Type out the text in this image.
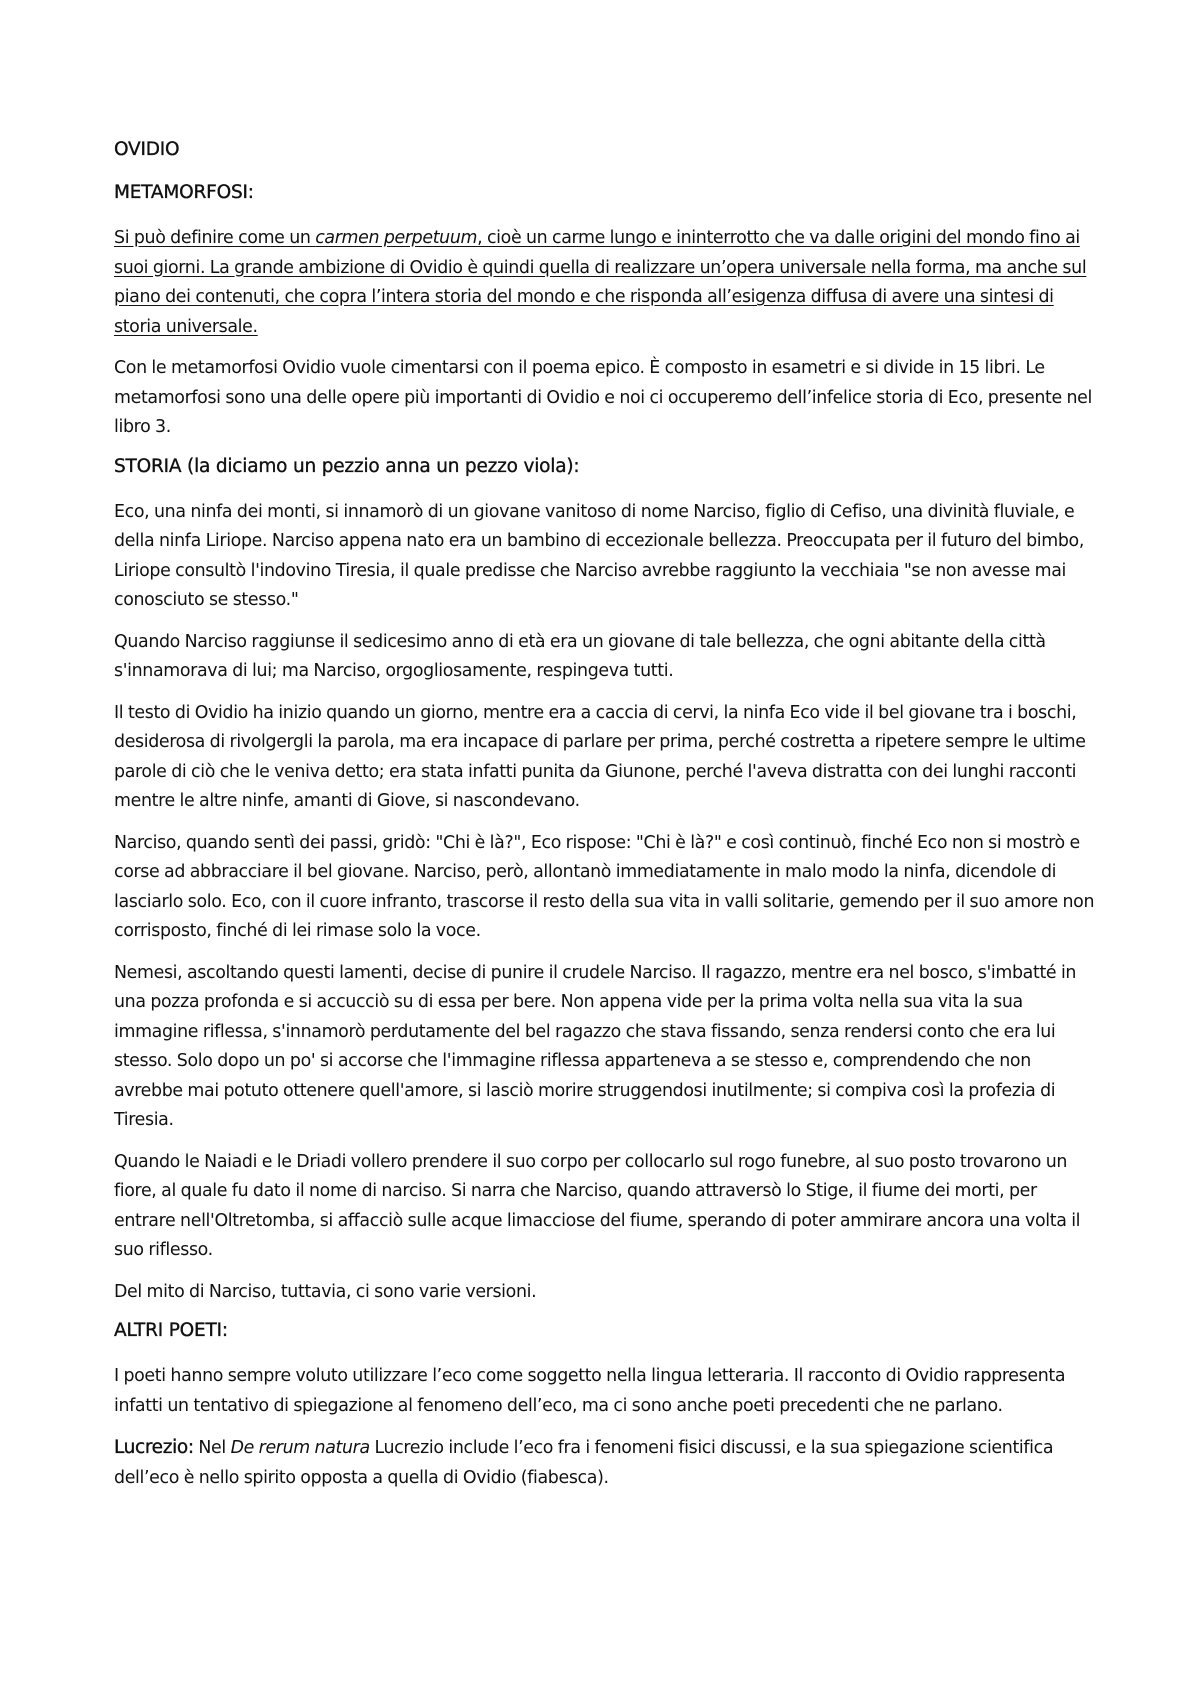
OVIDIO
METAMORFOSI:

Si può definire come un carmen perpetuum, cioè un carme lungo e ininterrotto che va dalle origini del mondo fino ai suoi giorni. La grande ambizione di Ovidio è quindi quella di realizzare un’opera universale nella forma, ma anche sul piano dei contenuti, che copra l’intera storia del mondo e che risponda all’esigenza diffusa di avere una sintesi di storia universale.

Con le metamorfosi Ovidio vuole cimentarsi con il poema epico. È composto in esametri e si divide in 15 libri. Le metamorfosi sono una delle opere più importanti di Ovidio e noi ci occuperemo dell’infelice storia di Eco, presente nel libro 3.

STORIA (la diciamo un pezzio anna un pezzo viola):

Eco, una ninfa dei monti, si innamorò di un giovane vanitoso di nome Narciso, figlio di Cefiso, una divinità fluviale, e della ninfa Liriope. Narciso appena nato era un bambino di eccezionale bellezza. Preoccupata per il futuro del bimbo, Liriope consultò l'indovino Tiresia, il quale predisse che Narciso avrebbe raggiunto la vecchiaia "se non avesse mai conosciuto se stesso."

Quando Narciso raggiunse il sedicesimo anno di età era un giovane di tale bellezza, che ogni abitante della città s'innamorava di lui; ma Narciso, orgogliosamente, respingeva tutti.

Il testo di Ovidio ha inizio quando un giorno, mentre era a caccia di cervi, la ninfa Eco vide il bel giovane tra i boschi, desiderosa di rivolgergli la parola, ma era incapace di parlare per prima, perché costretta a ripetere sempre le ultime parole di ciò che le veniva detto; era stata infatti punita da Giunone, perché l'aveva distratta con dei lunghi racconti mentre le altre ninfe, amanti di Giove, si nascondevano.

Narciso, quando sentì dei passi, gridò: "Chi è là?", Eco rispose: "Chi è là?" e così continuò, finché Eco non si mostrò e corse ad abbracciare il bel giovane. Narciso, però, allontanò immediatamente in malo modo la ninfa, dicendole di lasciarlo solo. Eco, con il cuore infranto, trascorse il resto della sua vita in valli solitarie, gemendo per il suo amore non corrisposto, finché di lei rimase solo la voce.

Nemesi, ascoltando questi lamenti, decise di punire il crudele Narciso. Il ragazzo, mentre era nel bosco, s'imbatté in una pozza profonda e si accucciò su di essa per bere. Non appena vide per la prima volta nella sua vita la sua immagine riflessa, s'innamorò perdutamente del bel ragazzo che stava fissando, senza rendersi conto che era lui stesso. Solo dopo un po' si accorse che l'immagine riflessa apparteneva a se stesso e, comprendendo che non avrebbe mai potuto ottenere quell'amore, si lasciò morire struggendosi inutilmente; si compiva così la profezia di Tiresia.

Quando le Naiadi e le Driadi vollero prendere il suo corpo per collocarlo sul rogo funebre, al suo posto trovarono un fiore, al quale fu dato il nome di narciso. Si narra che Narciso, quando attraversò lo Stige, il fiume dei morti, per entrare nell'Oltretomba, si affacciò sulle acque limacciose del fiume, sperando di poter ammirare ancora una volta il suo riflesso.

Del mito di Narciso, tuttavia, ci sono varie versioni.

ALTRI POETI:

I poeti hanno sempre voluto utilizzare l’eco come soggetto nella lingua letteraria. Il racconto di Ovidio rappresenta infatti un tentativo di spiegazione al fenomeno dell’eco, ma ci sono anche poeti precedenti che ne parlano.

Lucrezio: Nel De rerum natura Lucrezio include l’eco fra i fenomeni fisici discussi, e la sua spiegazione scientifica dell’eco è nello spirito opposta a quella di Ovidio (fiabesca).
